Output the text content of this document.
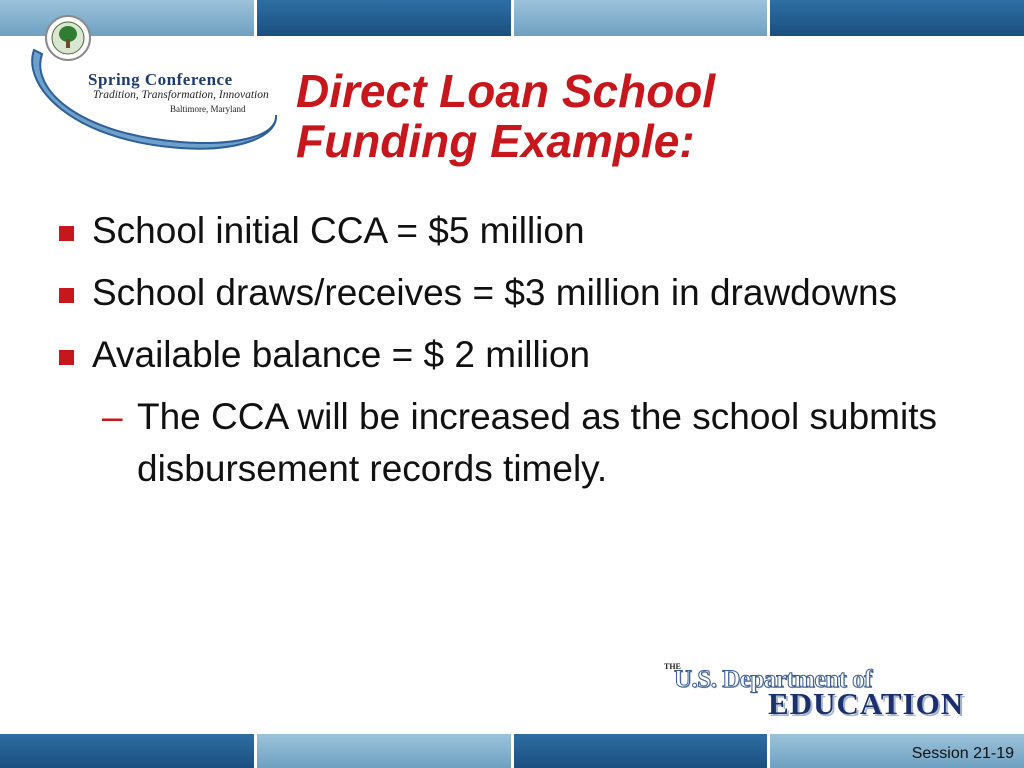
Spring Conference
Tradition, Transformation, Innovation
Baltimore, Maryland	Direct Loan School
Funding Example:
School initial CCA = $5 million
School draws/receives = $3 million in drawdowns
Available balance = $ 2 million
– The CCA will be increased as the school submits disbursement records timely.
THE
U.S. Department of
EDUCATION
Session 21-19
